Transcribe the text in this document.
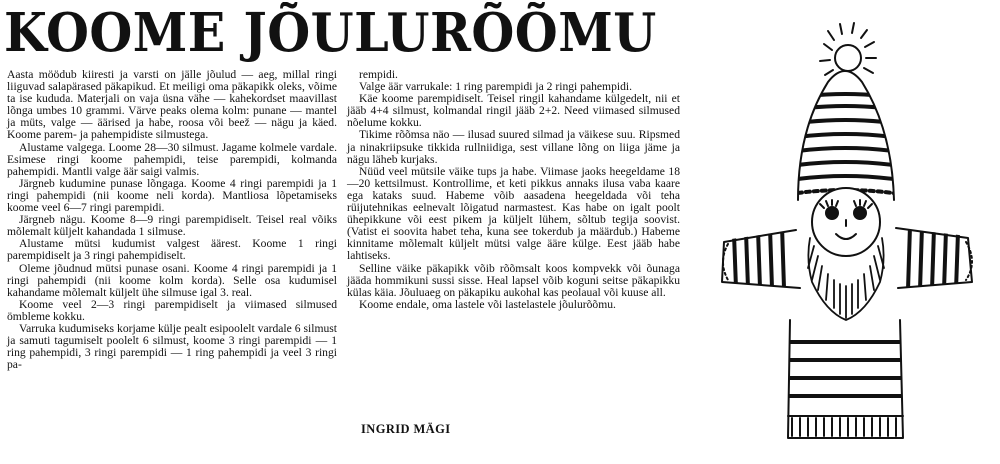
KOOME JÕULURÕÕMU

Aasta möödub kiiresti ja varsti on jälle jõulud — aeg, millal ringi liiguvad salapärased päkapikud. Et meiligi oma päkapikk oleks, võime ta ise kududa. Materjali on vaja üsna vähe — kahekordset maavillast lõnga umbes 10 grammi. Värve peaks olema kolm: punane — mantel ja müts, valge — äärised ja habe, roosa või beež — nägu ja käed. Koome parem- ja pahempidiste silmustega.

Alustame valgega. Loome 28—30 silmust. Jagame kolmele vardale. Esimese ringi koome pahempidi, teise parempidi, kolmanda pahempidi. Mantli valge äär saigi valmis.

Järgneb kudumine punase lõngaga. Koome 4 ringi parempidi ja 1 ringi pahempidi (nii koome neli korda). Mantliosa lõpetamiseks koome veel 6—7 ringi parempidi.

Järgneb nägu. Koome 8—9 ringi parempidiselt. Teisel real võiks mõlemalt küljelt kahandada 1 silmuse.

Alustame mütsi kudumist valgest äärest. Koome 1 ringi parempidiselt ja 3 ringi pahempidiselt.

Oleme jõudnud mütsi punase osani. Koome 4 ringi parempidi ja 1 ringi pahempidi (nii koome kolm korda). Selle osa kudumisel kahandame mõlemalt küljelt ühe silmuse igal 3. real.

Koome veel 2—3 ringi parempidiselt ja viimased silmused ömbleme kokku.

Varruka kudumiseks korjame külje pealt esipoolelt vardale 6 silmust ja samuti tagumiselt poolelt 6 silmust, koome 3 ringi parempidi — 1 ring pahempidi, 3 ringi parempidi — 1 ring pahempidi ja veel 3 ringi pa-

rempidi.

Valge äär varrukale: 1 ring parempidi ja 2 ringi pahempidi.

Käe koome parempidiselt. Teisel ringil kahandame külgedelt, nii et jääb 4+4 silmust, kolmandal ringil jääb 2+2. Need viimased silmused nõelume kokku.

Tikime rõõmsa näo — ilusad suured silmad ja väikese suu. Ripsmed ja ninakriipsuke tikkida rullniidiga, sest villane lõng on liiga jäme ja nägu läheb kurjaks.

Nüüd veel mütsile väike tups ja habe. Viimase jaoks heegeldame 18—20 kettsilmust. Kontrollime, et keti pikkus annaks ilusa vaba kaare ega kataks suud. Habeme võib aasadena heegeldada või teha rüijutehnikas eelnevalt lõigatud narmastest. Kas habe on igalt poolt ühepikkune või eest pikem ja küljelt lühem, sõltub tegija soovist. (Vatist ei soovita habet teha, kuna see tokerdub ja määrdub.) Habeme kinnitame mõlemalt küljelt mütsi valge ääre külge. Eest jääb habe lahtiseks.

Selline väike päkapikk võib rõõmsalt koos kompvekk või õunaga jääda hommikuni sussi sisse. Heal lapsel võib koguni seitse päkapikku külas käia. Jõuluaeg on päkapiku aukohal kas peolaual või kuuse all.

Koome endale, oma lastele või lastelastele jõulurõõmu.

INGRID MÄGI
